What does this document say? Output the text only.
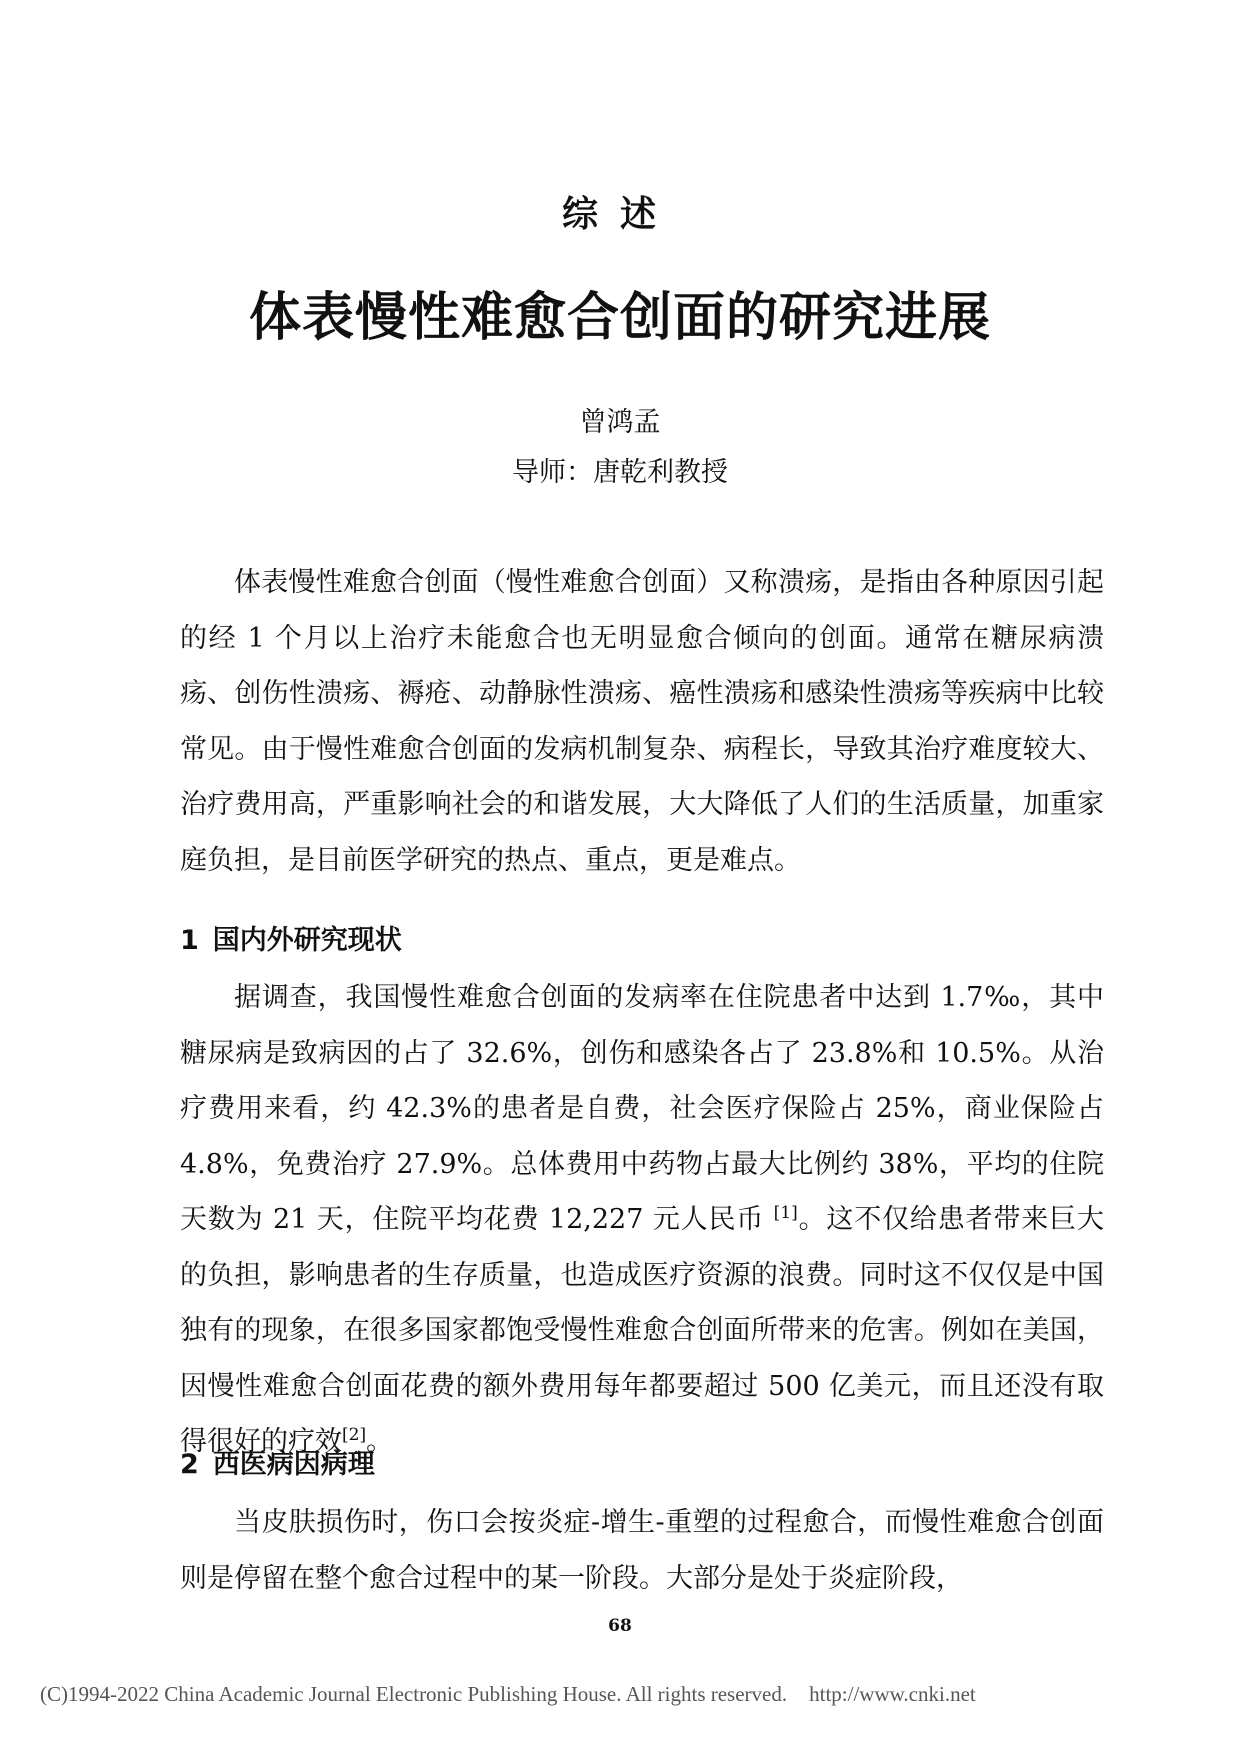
综述
体表慢性难愈合创面的研究进展
曾鸿孟
导师：唐乾利教授

体表慢性难愈合创面（慢性难愈合创面）又称溃疡，是指由各种原因引起的经 1 个月以上治疗未能愈合也无明显愈合倾向的创面。通常在糖尿病溃疡、创伤性溃疡、褥疮、动静脉性溃疡、癌性溃疡和感染性溃疡等疾病中比较常见。由于慢性难愈合创面的发病机制复杂、病程长，导致其治疗难度较大、治疗费用高，严重影响社会的和谐发展，大大降低了人们的生活质量，加重家庭负担，是目前医学研究的热点、重点，更是难点。

1 国内外研究现状

据调查，我国慢性难愈合创面的发病率在住院患者中达到 1.7‰，其中糖尿病是致病因的占了 32.6%，创伤和感染各占了 23.8%和 10.5%。从治疗费用来看，约 42.3%的患者是自费，社会医疗保险占 25%，商业保险占 4.8%，免费治疗 27.9%。总体费用中药物占最大比例约 38%，平均的住院天数为 21 天，住院平均花费 12,227 元人民币 [1]。这不仅给患者带来巨大的负担，影响患者的生存质量，也造成医疗资源的浪费。同时这不仅仅是中国独有的现象，在很多国家都饱受慢性难愈合创面所带来的危害。例如在美国，因慢性难愈合创面花费的额外费用每年都要超过 500 亿美元，而且还没有取得很好的疗效[2]。

2 西医病因病理

当皮肤损伤时，伤口会按炎症-增生-重塑的过程愈合，而慢性难愈合创面则是停留在整个愈合过程中的某一阶段。大部分是处于炎症阶段，

68
(C)1994-2022 China Academic Journal Electronic Publishing House. All rights reserved. http://www.cnki.net
